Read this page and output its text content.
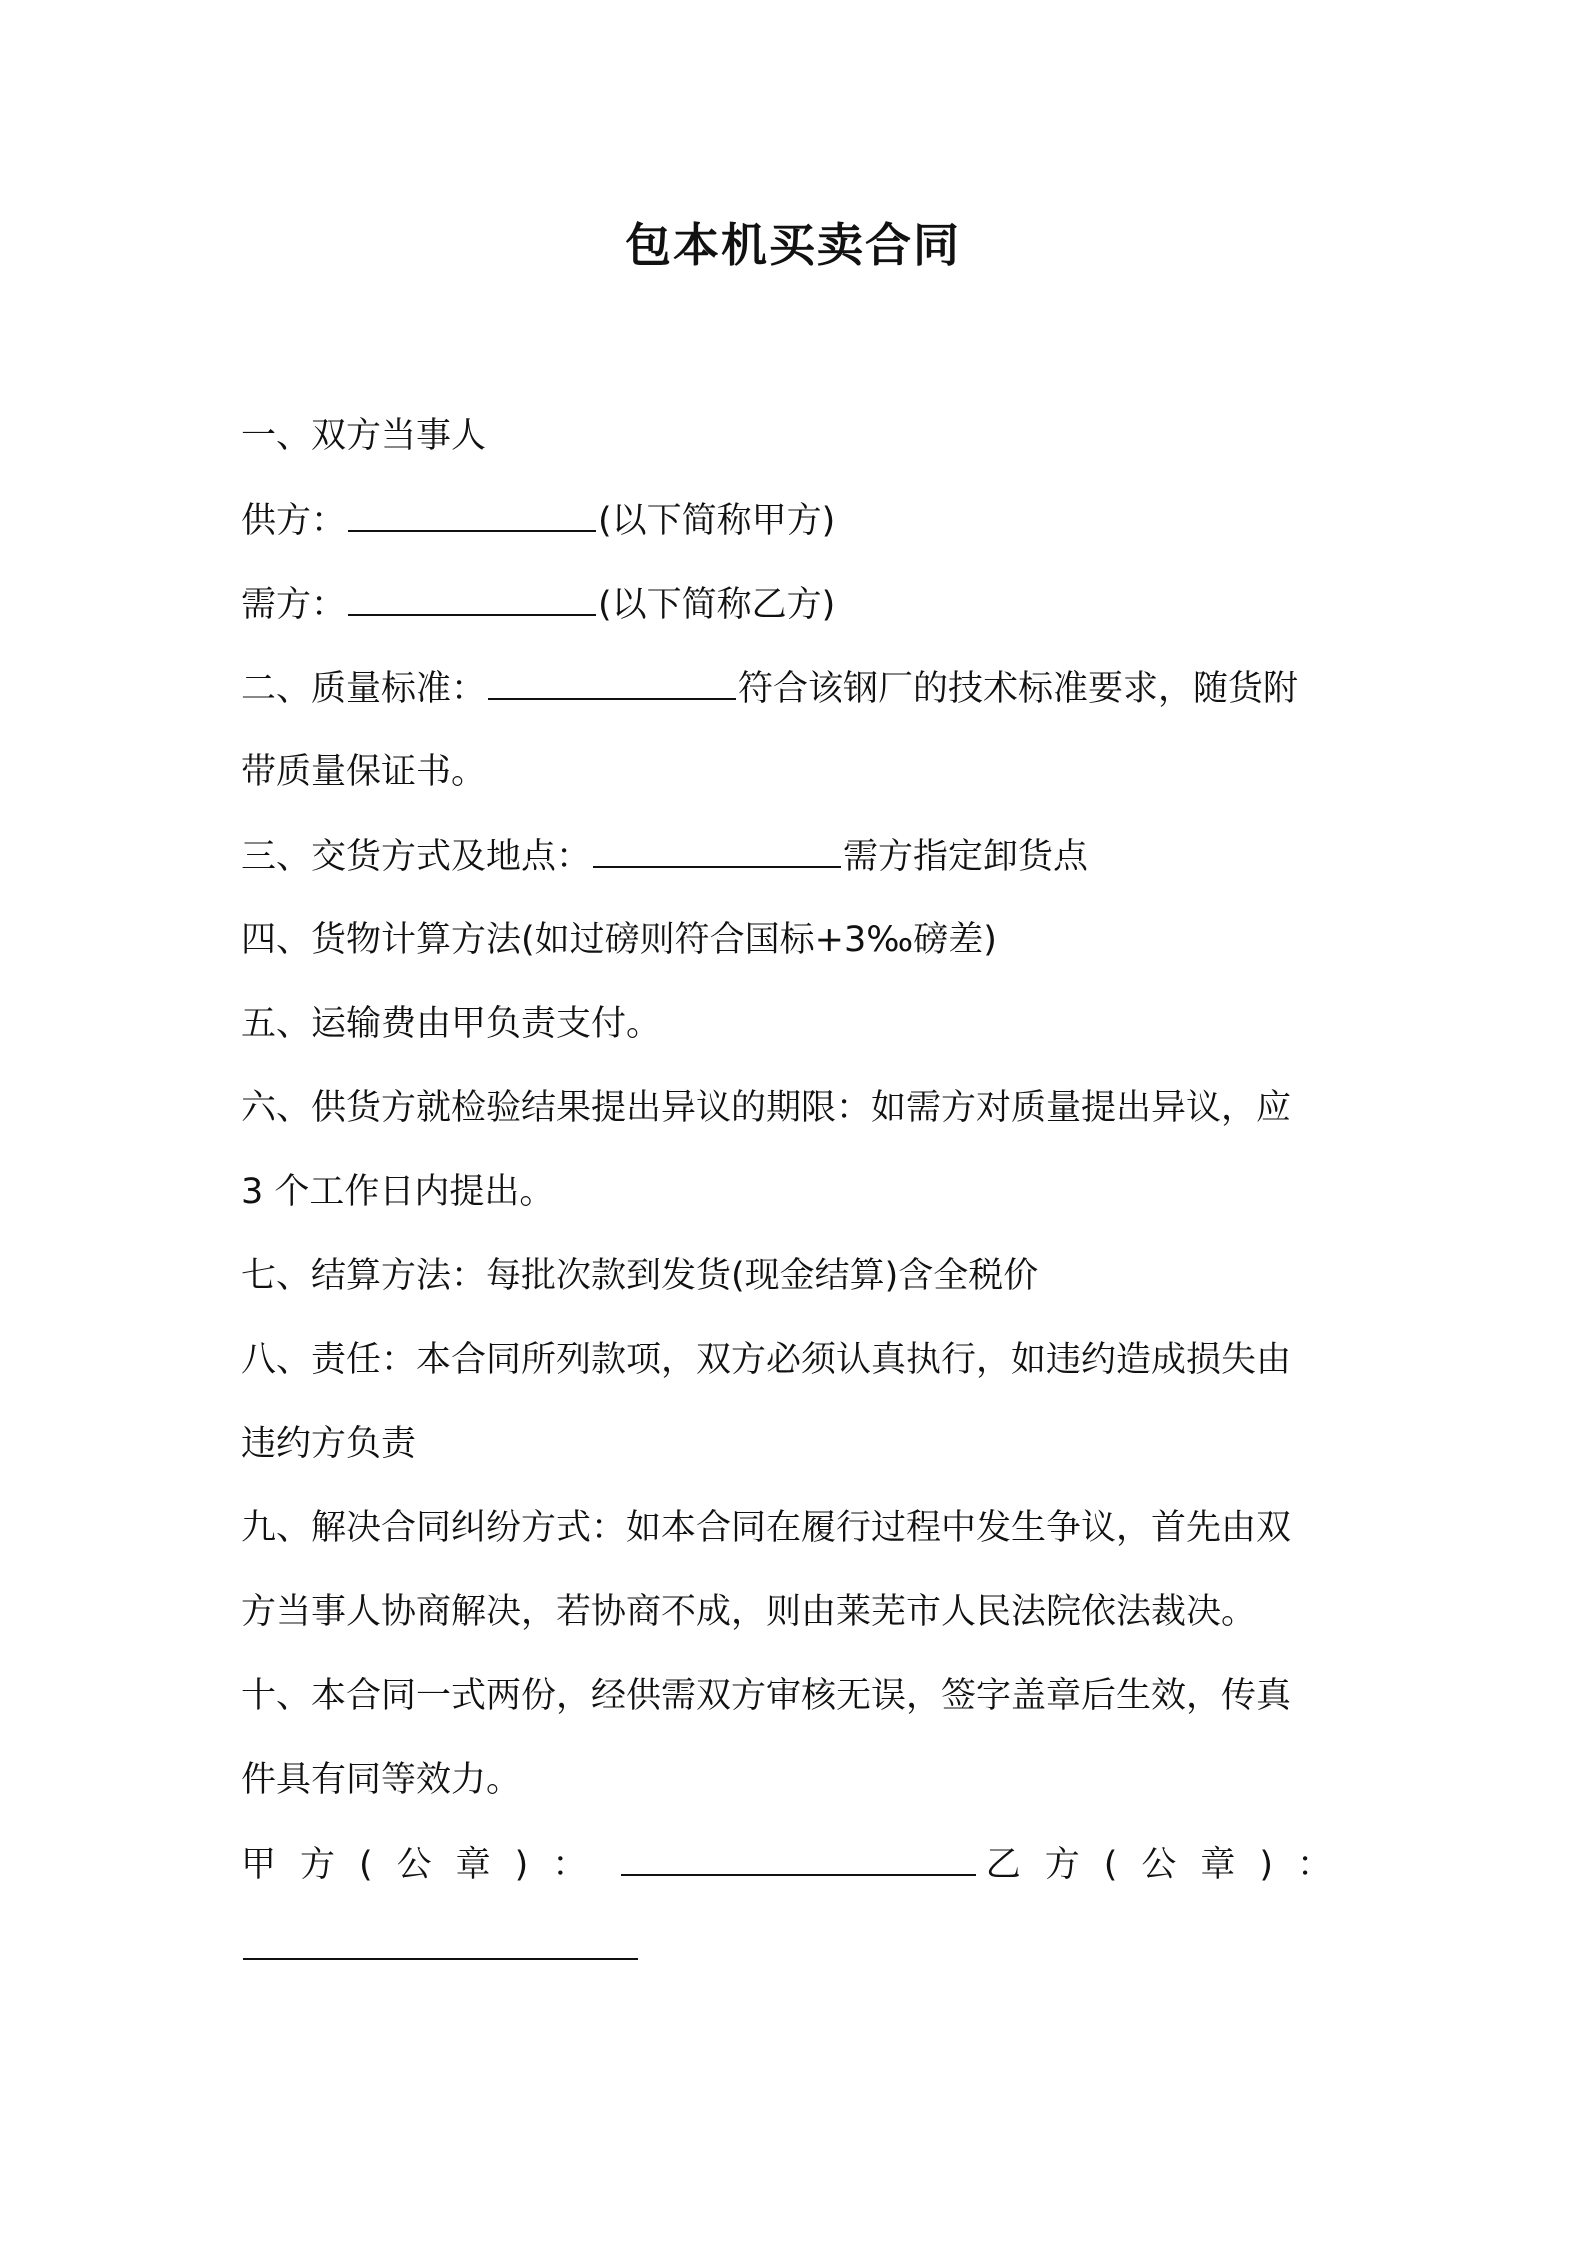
包本机买卖合同
一、双方当事人
供方：	(以下简称甲方)
需方：	(以下简称乙方)
二、质量标准：	符合该钢厂的技术标准要求，随货附
带质量保证书。
三、交货方式及地点：	需方指定卸货点
四、货物计算方法(如过磅则符合国标+3‰磅差)
五、运输费由甲负责支付。
六、供货方就检验结果提出异议的期限：如需方对质量提出异议，应
3 个工作日内提出。
七、结算方法：每批次款到发货(现金结算)含全税价
八、责任：本合同所列款项，双方必须认真执行，如违约造成损失由
违约方负责
九、解决合同纠纷方式：如本合同在履行过程中发生争议，首先由双
方当事人协商解决，若协商不成，则由莱芜市人民法院依法裁决。
十、本合同一式两份，经供需双方审核无误，签字盖章后生效，传真
件具有同等效力。
甲方(公章)：	乙方(公章)：
